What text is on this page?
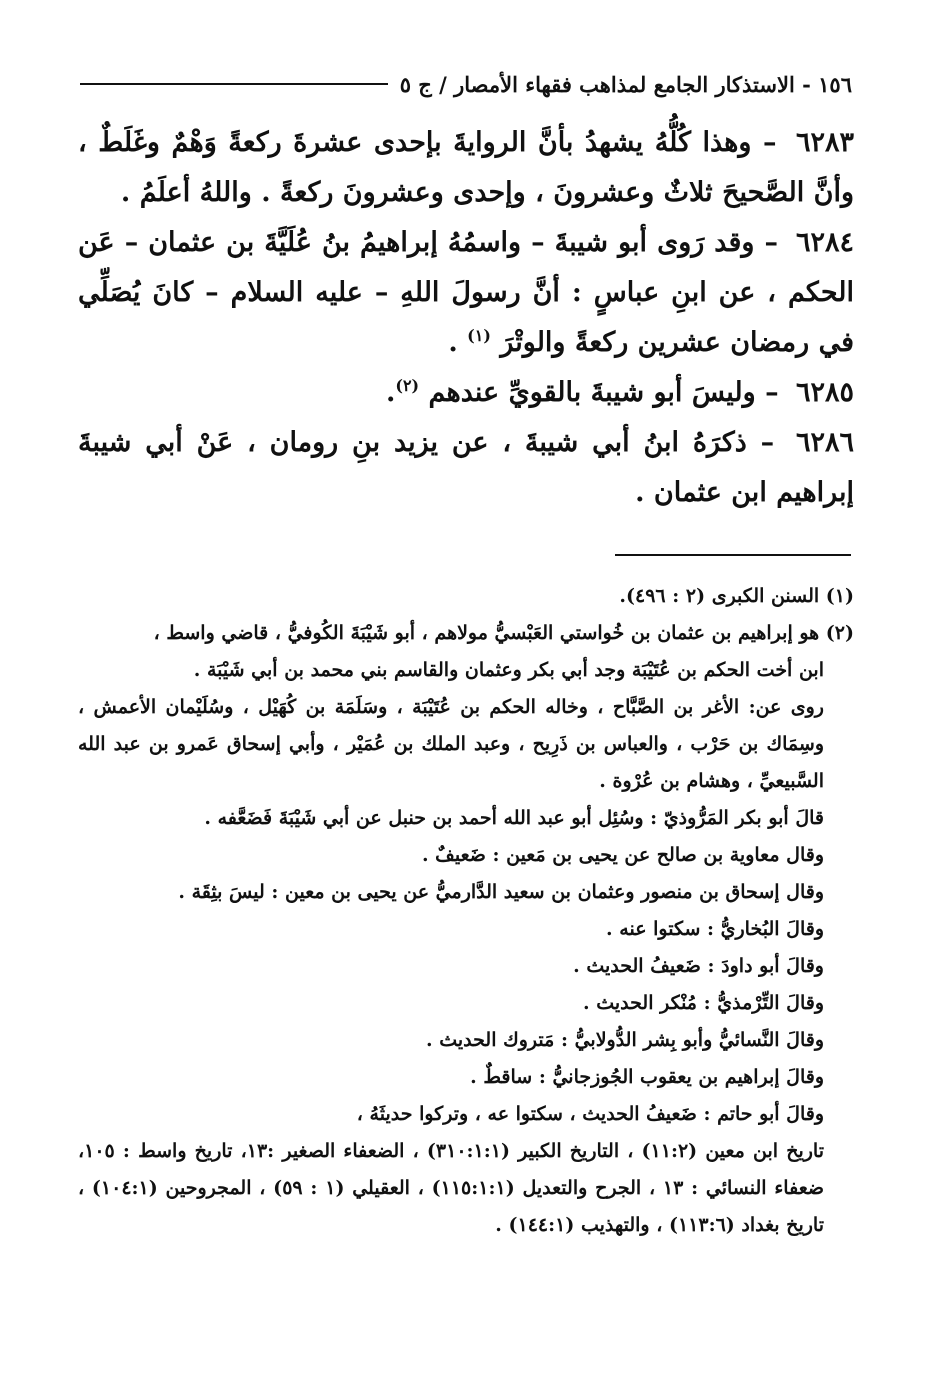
١٥٦ - الاستذكار الجامع لمذاهب فقهاء الأمصار / ج ٥

٦٢٨٣ – وهذا كُلُّهُ يشهدُ بأنَّ الروايةَ بإحدى عشرةَ ركعةً وَهْمٌ وغَلَطٌ ، وأنَّ الصَّحيحَ ثلاثٌ وعشرونَ ، وإحدى وعشرونَ ركعةً . واللهُ أعلَمُ .

٦٢٨٤ – وقد رَوى أبو شيبةَ – واسمُهُ إبراهيمُ بنُ عُلَيَّةَ بن عثمان – عَن الحكم ، عن ابنِ عباسٍ : أنَّ رسولَ اللهِ – عليه السلام – كانَ يُصَلِّي في رمضان عشرين ركعةً والوتْرَ $^{(١)}$ .

٦٢٨٥ – وليسَ أبو شيبةَ بالقويِّ عندهم $^{(٢)}$.

٦٢٨٦ – ذكرَهُ ابنُ أبي شيبةَ ، عن يزيد بنِ رومان ، عَنْ أبي شيبةَ إبراهيم ابن عثمان .

(١) السنن الكبرى (٢ : ٤٩٦).

(٢) هو إبراهيم بن عثمان بن خُواستي العَبْسيُّ مولاهم ، أبو شَيْبَةَ الكُوفيُّ ، قاضي واسط ،

ابن أخت الحكم بن عُتَيْبَة وجد أبي بكر وعثمان والقاسم بني محمد بن أبي شَيْبَة .

روى عن: الأغر بن الصَّبَّاح ، وخاله الحكم بن عُتَيْبَة ، وسَلَمَة بن كُهَيْل ، وسُلَيْمان الأعمش ، وسِمَاك بن حَرْب ، والعباس بن ذَرِيح ، وعبد الملك بن عُمَيْر ، وأبي إسحاق عَمرو بن عبد الله السَّبيعيِّ ، وهشام بن عُرْوة .

قالَ أبو بكر المَرُّوذيّ : وسُئِل أبو عبد الله أحمد بن حنبل عن أبي شَيْبَةَ فَضَعَّفه .

وقال معاوية بن صالح عن يحيى بن مَعين : ضَعيفٌ .

وقال إسحاق بن منصور وعثمان بن سعيد الدَّارميُّ عن يحيى بن معين : ليسَ بثِقَة .

وقالَ البُخاريُّ : سكتوا عنه .

وقالَ أبو داودَ : ضَعيفُ الحديث .

وقالَ التِّرْمذيُّ : مُنْكر الحديث .

وقالَ النَّسائيُّ وأبو بِشر الدُّولابيُّ : مَتروك الحديث .

وقالَ إبراهيم بن يعقوب الجُوزجانيُّ : ساقطٌ .

وقالَ أبو حاتم : ضَعيفُ الحديث ، سكتوا عه ، وتركوا حديثَهُ ،

تاريخ ابن معين (١١:٢) ، التاريخ الكبير (٣١٠:١:١) ، الضعفاء الصغير :١٣، تاريخ واسط : ١٠٥، ضعفاء النسائي : ١٣ ، الجرح والتعديل (١١٥:١:١) ، العقيلي (١ : ٥٩) ، المجروحين (١٠٤:١) ، تاريخ بغداد (١١٣:٦) ، والتهذيب (١٤٤:١) .
